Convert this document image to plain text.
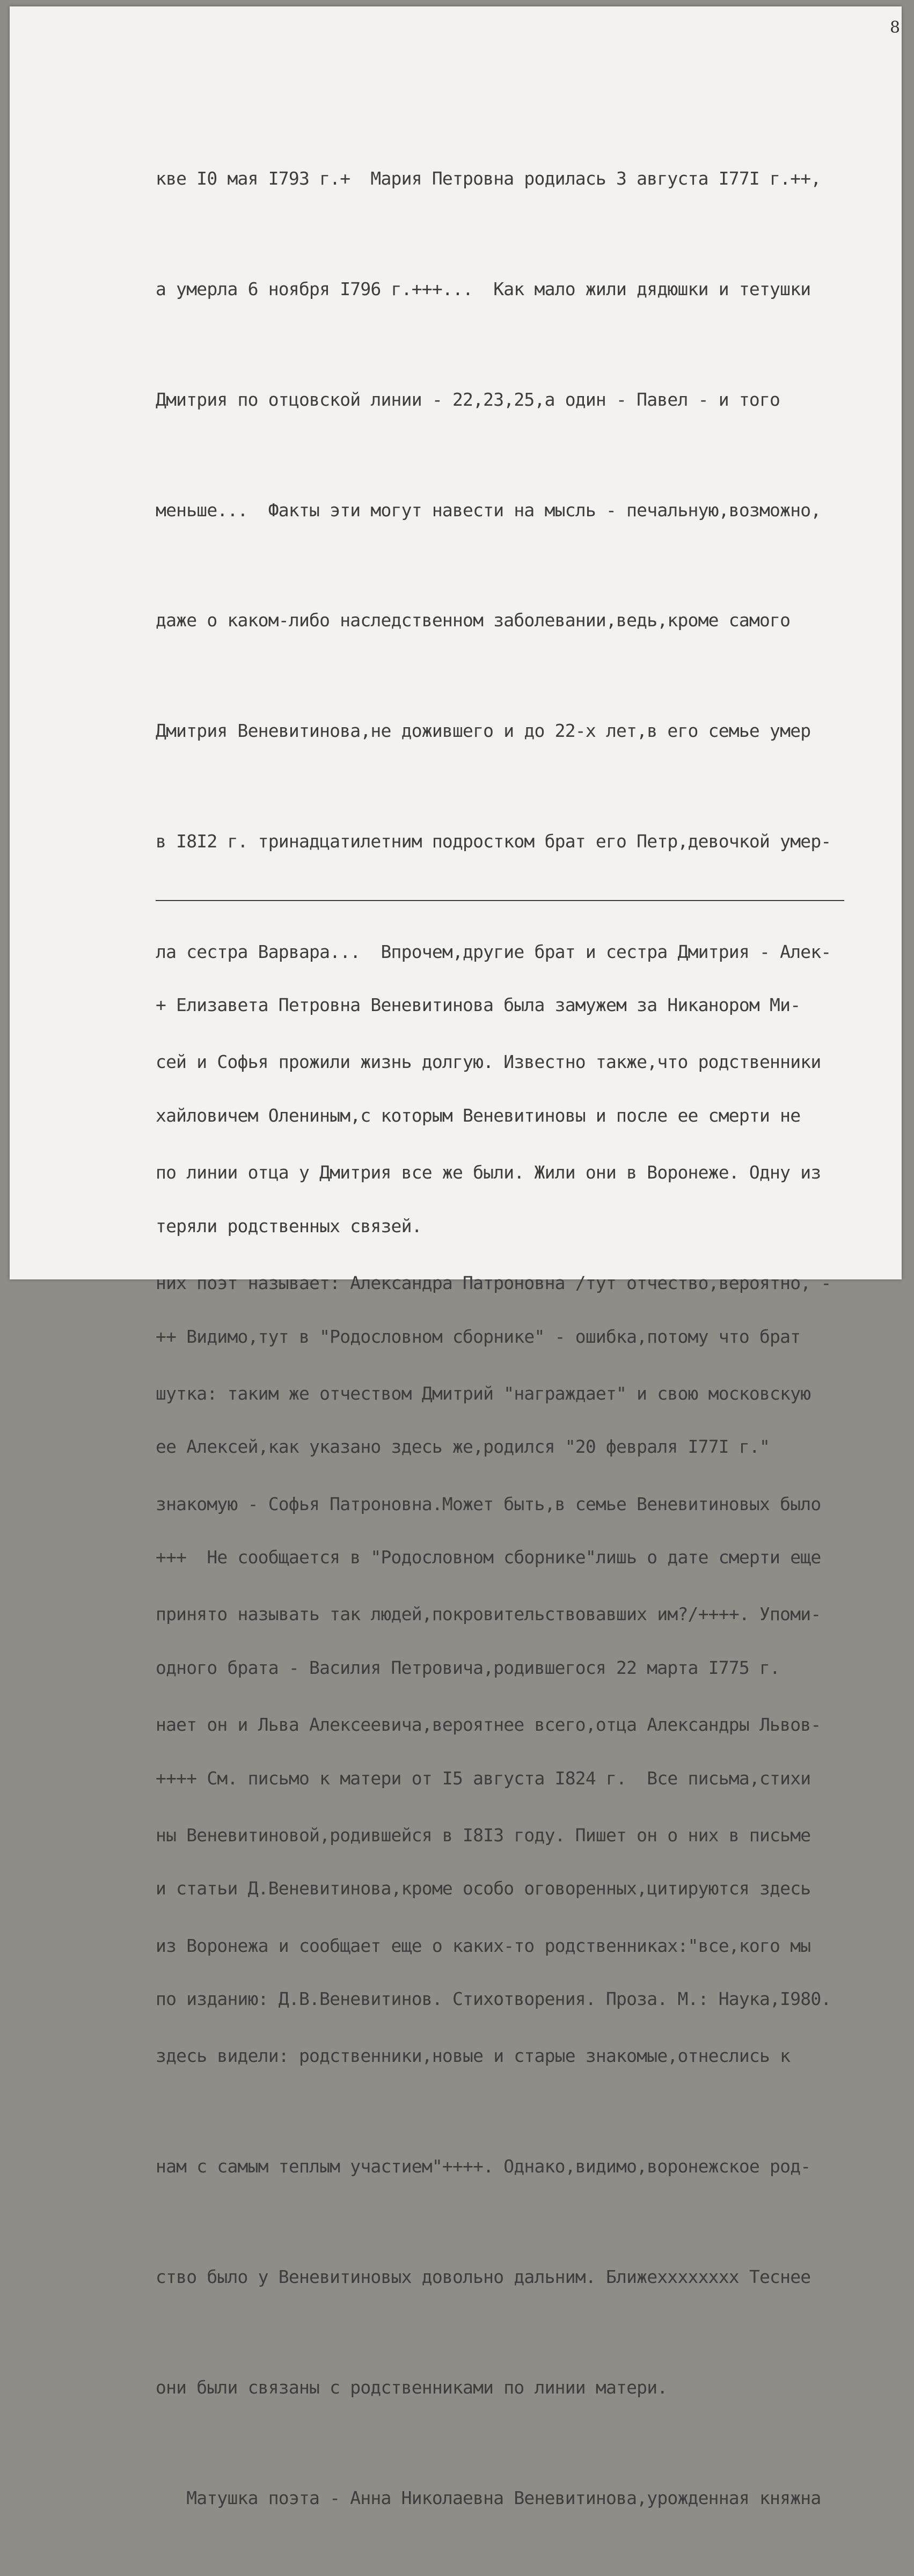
8

кве I0 мая I793 г.+  Мария Петровна родилась 3 августа I77I г.++,

а умерла 6 ноября I796 г.+++...  Как мало жили дядюшки и тетушки

Дмитрия по отцовской линии - 22,23,25,а один - Павел - и того

меньше...  Факты эти могут навести на мысль - печальную,возможно,

даже о каком-либо наследственном заболевании,ведь,кроме самого

Дмитрия Веневитинова,не дожившего и до 22-х лет,в его семье умер

в I8I2 г. тринадцатилетним подростком брат его Петр,девочкой умер-

ла сестра Варвара...  Впрочем,другие брат и сестра Дмитрия - Алек-

сей и Софья прожили жизнь долгую. Известно также,что родственники

по линии отца у Дмитрия все же были. Жили они в Воронеже. Одну из

них поэт называет: Александра Патроновна /тут отчество,вероятно, -

шутка: таким же отчеством Дмитрий "награждает" и свою московскую

знакомую - Софья Патроновна.Может быть,в семье Веневитиновых было

принято называть так людей,покровительствовавших им?/++++. Упоми-

нает он и Льва Алексеевича,вероятнее всего,отца Александры Львов-

ны Веневитиновой,родившейся в I8I3 году. Пишет он о них в письме

из Воронежа и сообщает еще о каких-то родственниках:"все,кого мы

здесь видели: родственники,новые и старые знакомые,отнеслись к

нам с самым теплым участием"++++. Однако,видимо,воронежское род-

ство было у Веневитиновых довольно дальним. Ближехххххххх Теснее

они были связаны с родственниками по линии матери.

Матушка поэта - Анна Николаевна Веневитинова,урожденная княжна

+ Елизавета Петровна Веневитинова была замужем за Никанором Ми-

хайловичем Олениным,с которым Веневитиновы и после ее смерти не

теряли родственных связей.

++ Видимо,тут в "Родословном сборнике" - ошибка,потому что брат

ее Алексей,как указано здесь же,родился "20 февраля I77I г."

+++  Не сообщается в "Родословном сборнике"лишь о дате смерти еще

одного брата - Василия Петровича,родившегося 22 марта I775 г.

++++ См. письмо к матери от I5 августа I824 г.  Все письма,стихи

и статьи Д.Веневитинова,кроме особо оговоренных,цитируются здесь

по изданию: Д.В.Веневитинов. Стихотворения. Проза. М.: Наука,I980.
